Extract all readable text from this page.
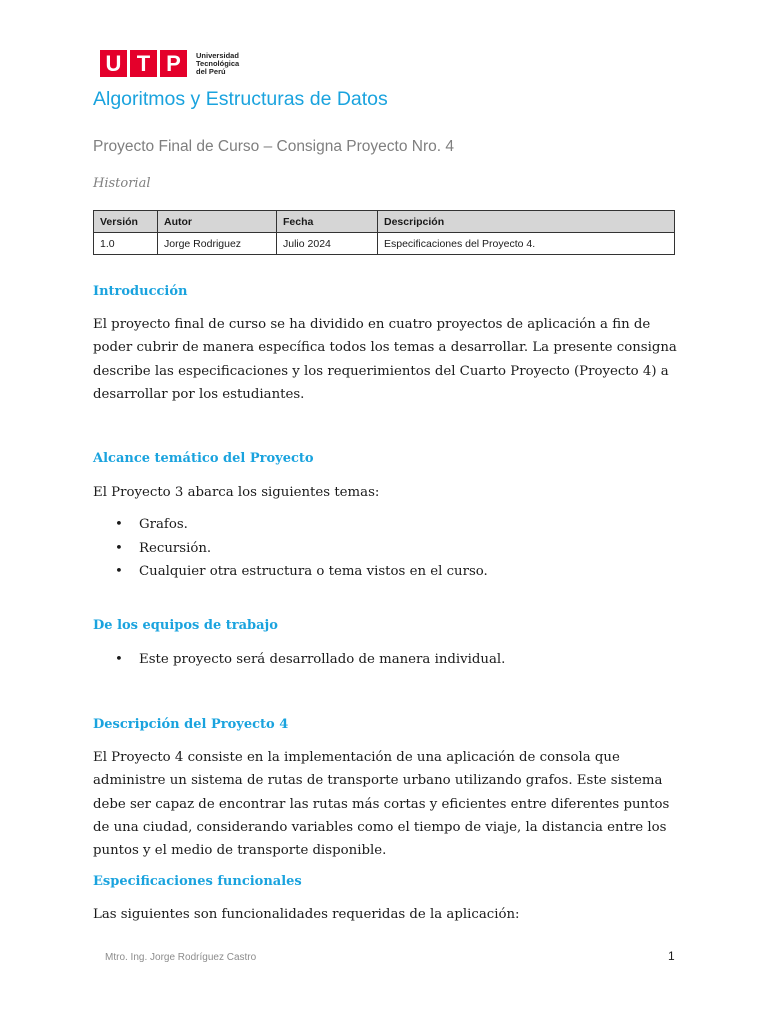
U T P	Universidad
Tecnológica
del Perú
Algoritmos y Estructuras de Datos
Proyecto Final de Curso – Consigna Proyecto Nro. 4
Historial
Versión	Autor	Fecha	Descripción
1.0	Jorge Rodriguez	Julio 2024	Especificaciones del Proyecto 4.
Introducción

El proyecto final de curso se ha dividido en cuatro proyectos de aplicación a fin de poder cubrir de manera específica todos los temas a desarrollar. La presente consigna describe las especificaciones y los requerimientos del Cuarto Proyecto (Proyecto 4) a desarrollar por los estudiantes.

Alcance temático del Proyecto

El Proyecto 3 abarca los siguientes temas:

• Grafos.
• Recursión.
• Cualquier otra estructura o tema vistos en el curso.
De los equipos de trabajo
• Este proyecto será desarrollado de manera individual.
Descripción del Proyecto 4

El Proyecto 4 consiste en la implementación de una aplicación de consola que administre un sistema de rutas de transporte urbano utilizando grafos. Este sistema debe ser capaz de encontrar las rutas más cortas y eficientes entre diferentes puntos de una ciudad, considerando variables como el tiempo de viaje, la distancia entre los puntos y el medio de transporte disponible.

Especificaciones funcionales

Las siguientes son funcionalidades requeridas de la aplicación:

Mtro. Ing. Jorge Rodríguez Castro	1
